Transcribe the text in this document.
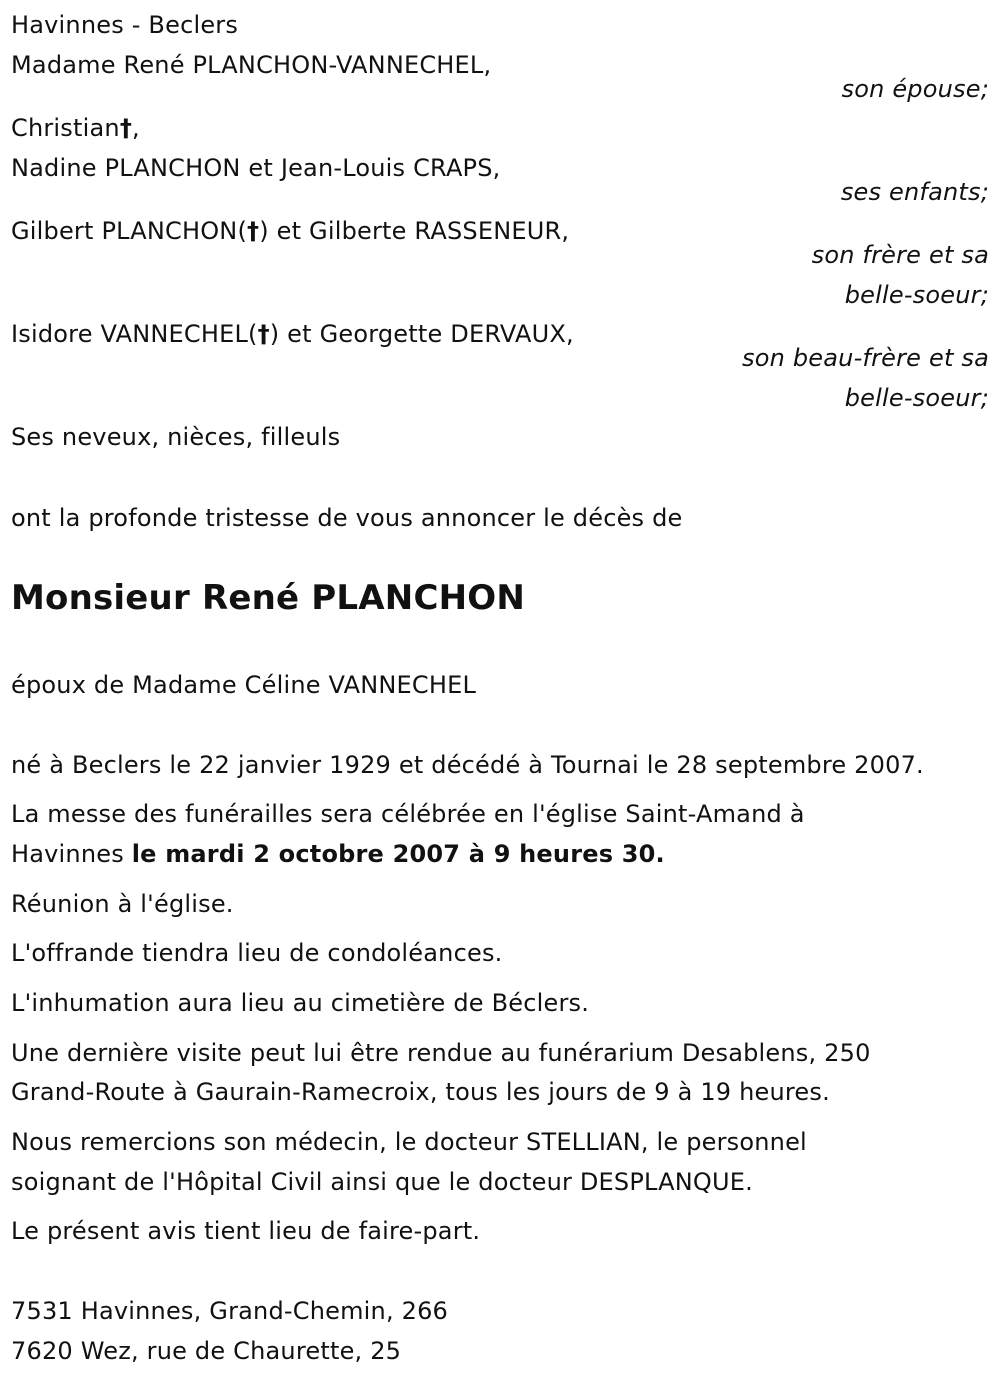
Havinnes - Beclers
Madame René PLANCHON-VANNECHEL,
son épouse;
Christian†,
Nadine PLANCHON et Jean-Louis CRAPS,
ses enfants;
Gilbert PLANCHON(†) et Gilberte RASSENEUR,
son frère et sa
belle-soeur;
Isidore VANNECHEL(†) et Georgette DERVAUX,
son beau-frère et sa
belle-soeur;
Ses neveux, nièces, filleuls
ont la profonde tristesse de vous annoncer le décès de
Monsieur René PLANCHON
époux de Madame Céline VANNECHEL
né à Beclers le 22 janvier 1929 et décédé à Tournai le 28 septembre 2007.
La messe des funérailles sera célébrée en l'église Saint-Amand à
Havinnes le mardi 2 octobre 2007 à 9 heures 30.
Réunion à l'église.
L'offrande tiendra lieu de condoléances.
L'inhumation aura lieu au cimetière de Béclers.
Une dernière visite peut lui être rendue au funérarium Desablens, 250
Grand-Route à Gaurain-Ramecroix, tous les jours de 9 à 19 heures.
Nous remercions son médecin, le docteur STELLIAN, le personnel
soignant de l'Hôpital Civil ainsi que le docteur DESPLANQUE.
Le présent avis tient lieu de faire-part.
7531 Havinnes, Grand-Chemin, 266
7620 Wez, rue de Chaurette, 25
